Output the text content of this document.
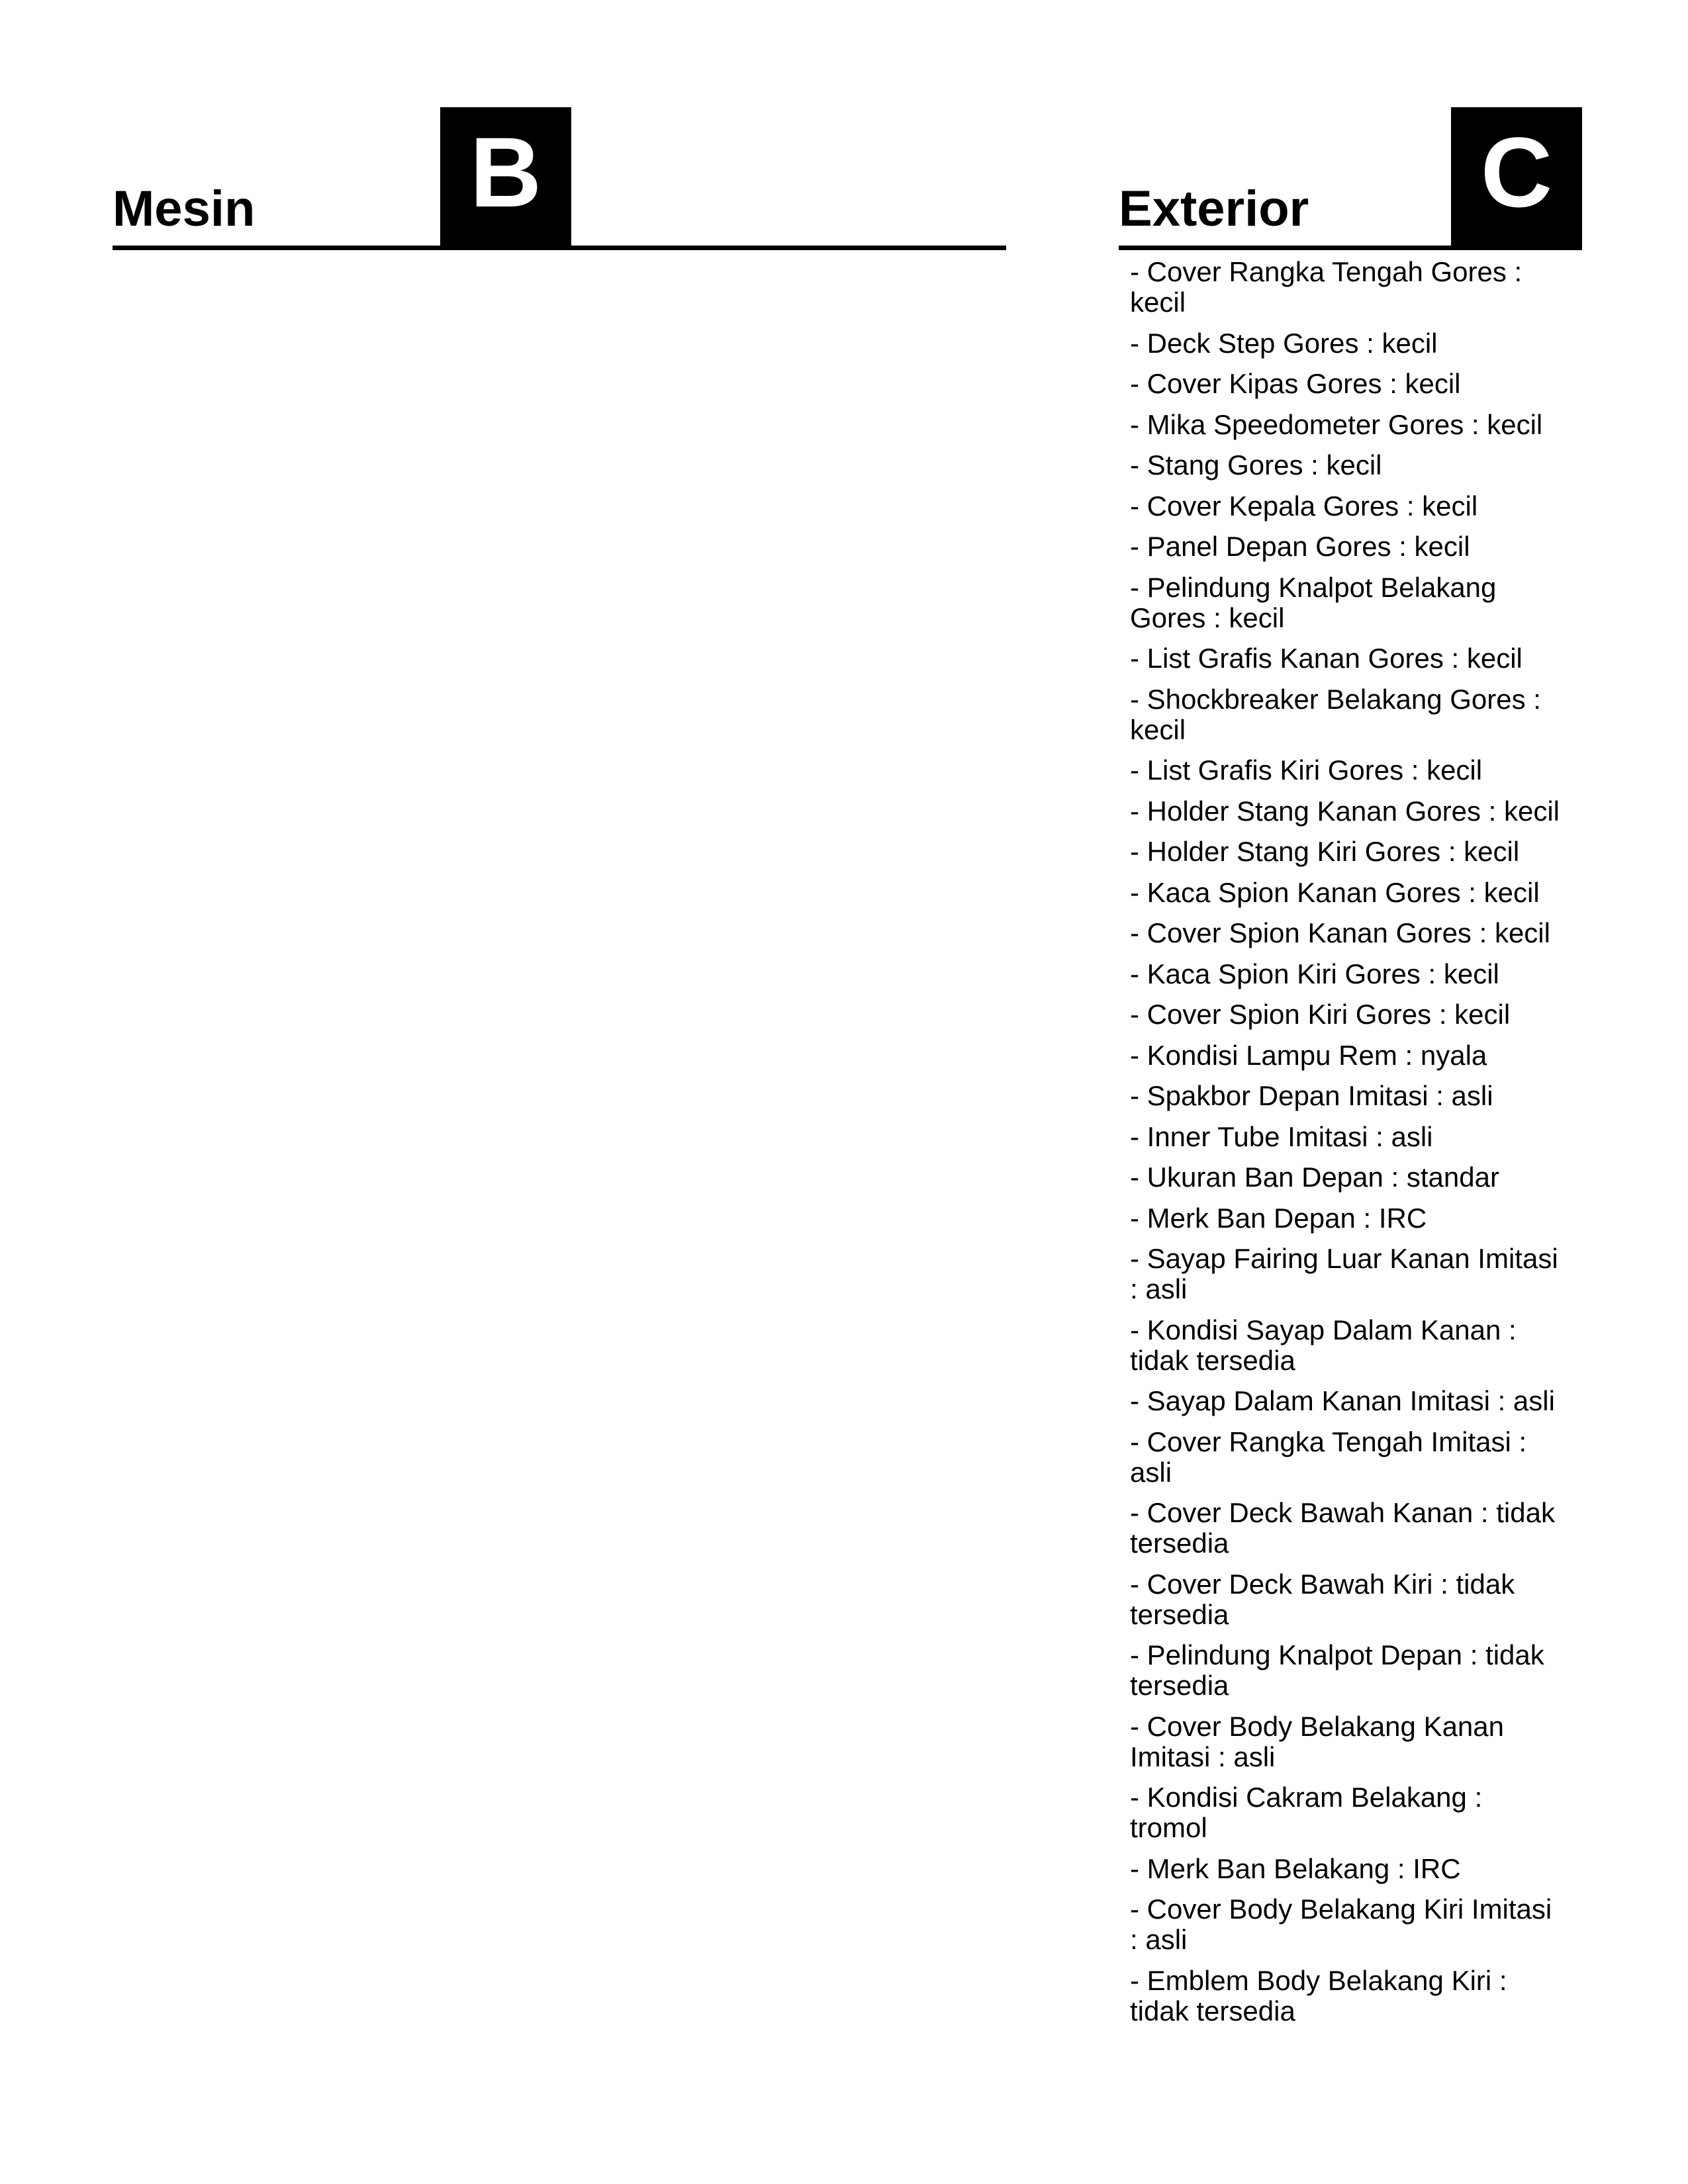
Mesin B	Exterior C
- Cover Rangka Tengah Gores : kecil
- Deck Step Gores : kecil
- Cover Kipas Gores : kecil
- Mika Speedometer Gores : kecil
- Stang Gores : kecil
- Cover Kepala Gores : kecil
- Panel Depan Gores : kecil
- Pelindung Knalpot Belakang Gores : kecil
- List Grafis Kanan Gores : kecil
- Shockbreaker Belakang Gores : kecil
- List Grafis Kiri Gores : kecil
- Holder Stang Kanan Gores : kecil
- Holder Stang Kiri Gores : kecil
- Kaca Spion Kanan Gores : kecil
- Cover Spion Kanan Gores : kecil
- Kaca Spion Kiri Gores : kecil
- Cover Spion Kiri Gores : kecil
- Kondisi Lampu Rem : nyala
- Spakbor Depan Imitasi : asli
- Inner Tube Imitasi : asli
- Ukuran Ban Depan : standar
- Merk Ban Depan : IRC
- Sayap Fairing Luar Kanan Imitasi : asli
- Kondisi Sayap Dalam Kanan : tidak tersedia
- Sayap Dalam Kanan Imitasi : asli
- Cover Rangka Tengah Imitasi : asli
- Cover Deck Bawah Kanan : tidak tersedia
- Cover Deck Bawah Kiri : tidak tersedia
- Pelindung Knalpot Depan : tidak tersedia
- Cover Body Belakang Kanan Imitasi : asli
- Kondisi Cakram Belakang : tromol
- Merk Ban Belakang : IRC
- Cover Body Belakang Kiri Imitasi : asli
- Emblem Body Belakang Kiri : tidak tersedia
